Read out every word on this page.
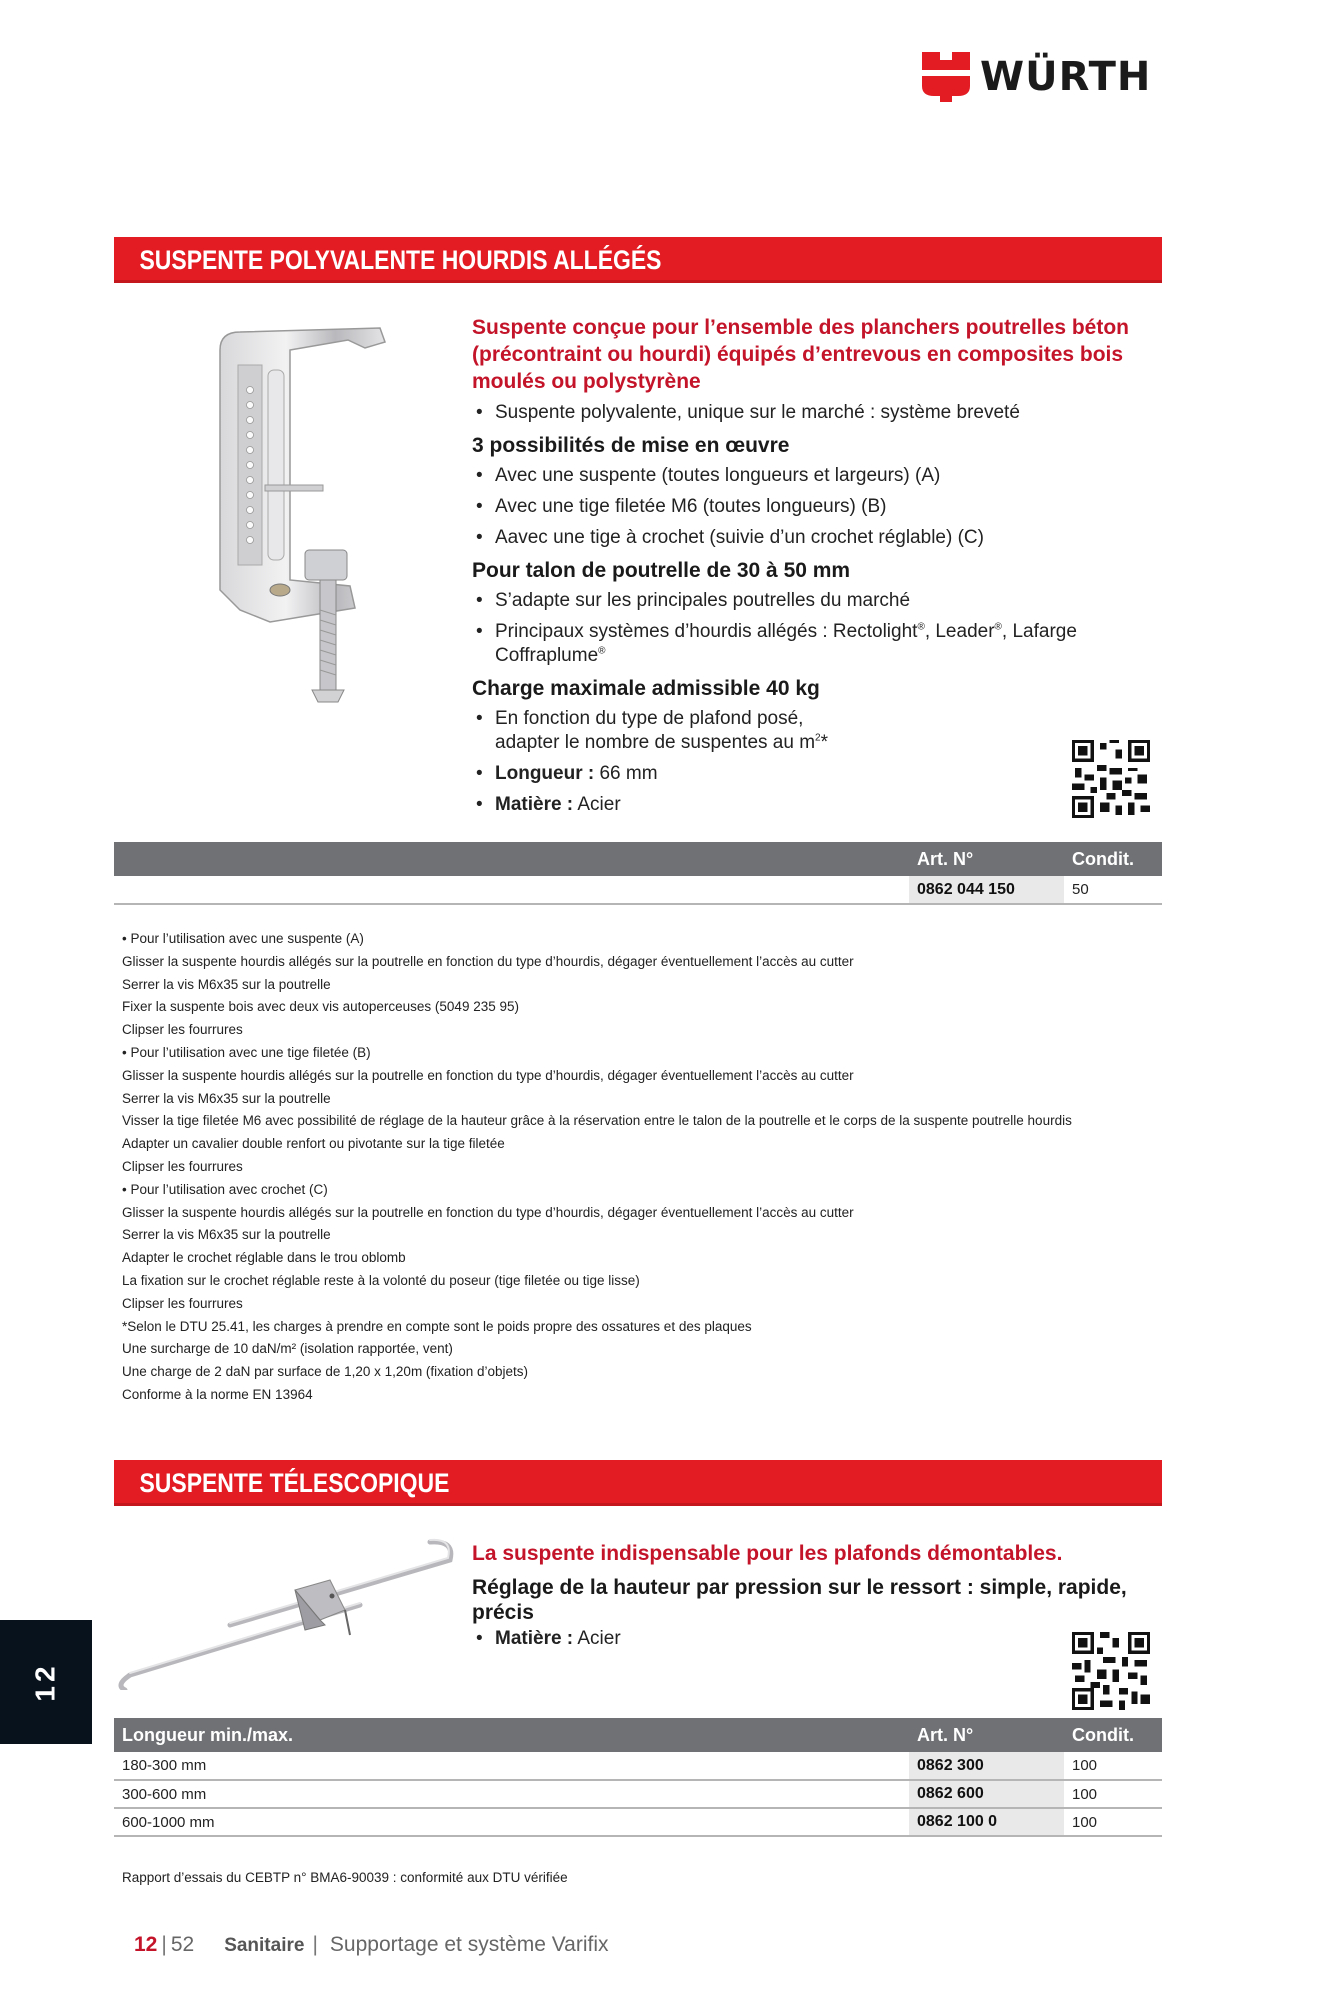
WÜRTH
SUSPENTE POLYVALENTE HOURDIS ALLÉGÉS

Suspente conçue pour l’ensemble des planchers poutrelles béton (précontraint ou hourdi) équipés d’entrevous en composites bois moulés ou polystyrène

• Suspente polyvalente, unique sur le marché : système breveté

3 possibilités de mise en œuvre

• Avec une suspente (toutes longueurs et largeurs) (A)
• Avec une tige filetée M6 (toutes longueurs) (B)
• Aavec une tige à crochet (suivie d’un crochet réglable) (C)

Pour talon de poutrelle de 30 à 50 mm

• S’adapte sur les principales poutrelles du marché
• Principaux systèmes d’hourdis allégés : Rectolight®, Leader®, Lafarge Coffraplume®

Charge maximale admissible 40 kg

• En fonction du type de plafond posé, adapter le nombre de suspentes au $m^2*$
• Longueur : 66 mm
• Matière : Acier
	Art. N°	Condit.
	0862 044 150	50
• Pour l’utilisation avec une suspente (A)
Glisser la suspente hourdis allégés sur la poutrelle en fonction du type d’hourdis, dégager éventuellement l’accès au cutter
Serrer la vis M6x35 sur la poutrelle
Fixer la suspente bois avec deux vis autoperceuses (5049 235 95)
Clipser les fourrures
• Pour l’utilisation avec une tige filetée (B)
Glisser la suspente hourdis allégés sur la poutrelle en fonction du type d’hourdis, dégager éventuellement l’accès au cutter
Serrer la vis M6x35 sur la poutrelle
Visser la tige filetée M6 avec possibilité de réglage de la hauteur grâce à la réservation entre le talon de la poutrelle et le corps de la suspente poutrelle hourdis
Adapter un cavalier double renfort ou pivotante sur la tige filetée
Clipser les fourrures
• Pour l’utilisation avec crochet (C)
Glisser la suspente hourdis allégés sur la poutrelle en fonction du type d’hourdis, dégager éventuellement l’accès au cutter
Serrer la vis M6x35 sur la poutrelle
Adapter le crochet réglable dans le trou oblomb
La fixation sur le crochet réglable reste à la volonté du poseur (tige filetée ou tige lisse)
Clipser les fourrures
*Selon le DTU 25.41, les charges à prendre en compte sont le poids propre des ossatures et des plaques
Une surcharge de 10 daN/m² (isolation rapportée, vent)
Une charge de 2 daN par surface de 1,20 x 1,20m (fixation d’objets)
Conforme à la norme EN 13964
SUSPENTE TÉLESCOPIQUE

La suspente indispensable pour les plafonds démontables.

Réglage de la hauteur par pression sur le ressort : simple, rapide, précis

• Matière : Acier
Longueur min./max.	Art. N°	Condit.
180-300 mm	0862 300	100
300-600 mm	0862 600	100
600-1000 mm	0862 100 0	100
Rapport d’essais du CEBTP n° BMA6-90039 : conformité aux DTU vérifiée
12
12 | 52 Sanitaire | Supportage et système Varifix
